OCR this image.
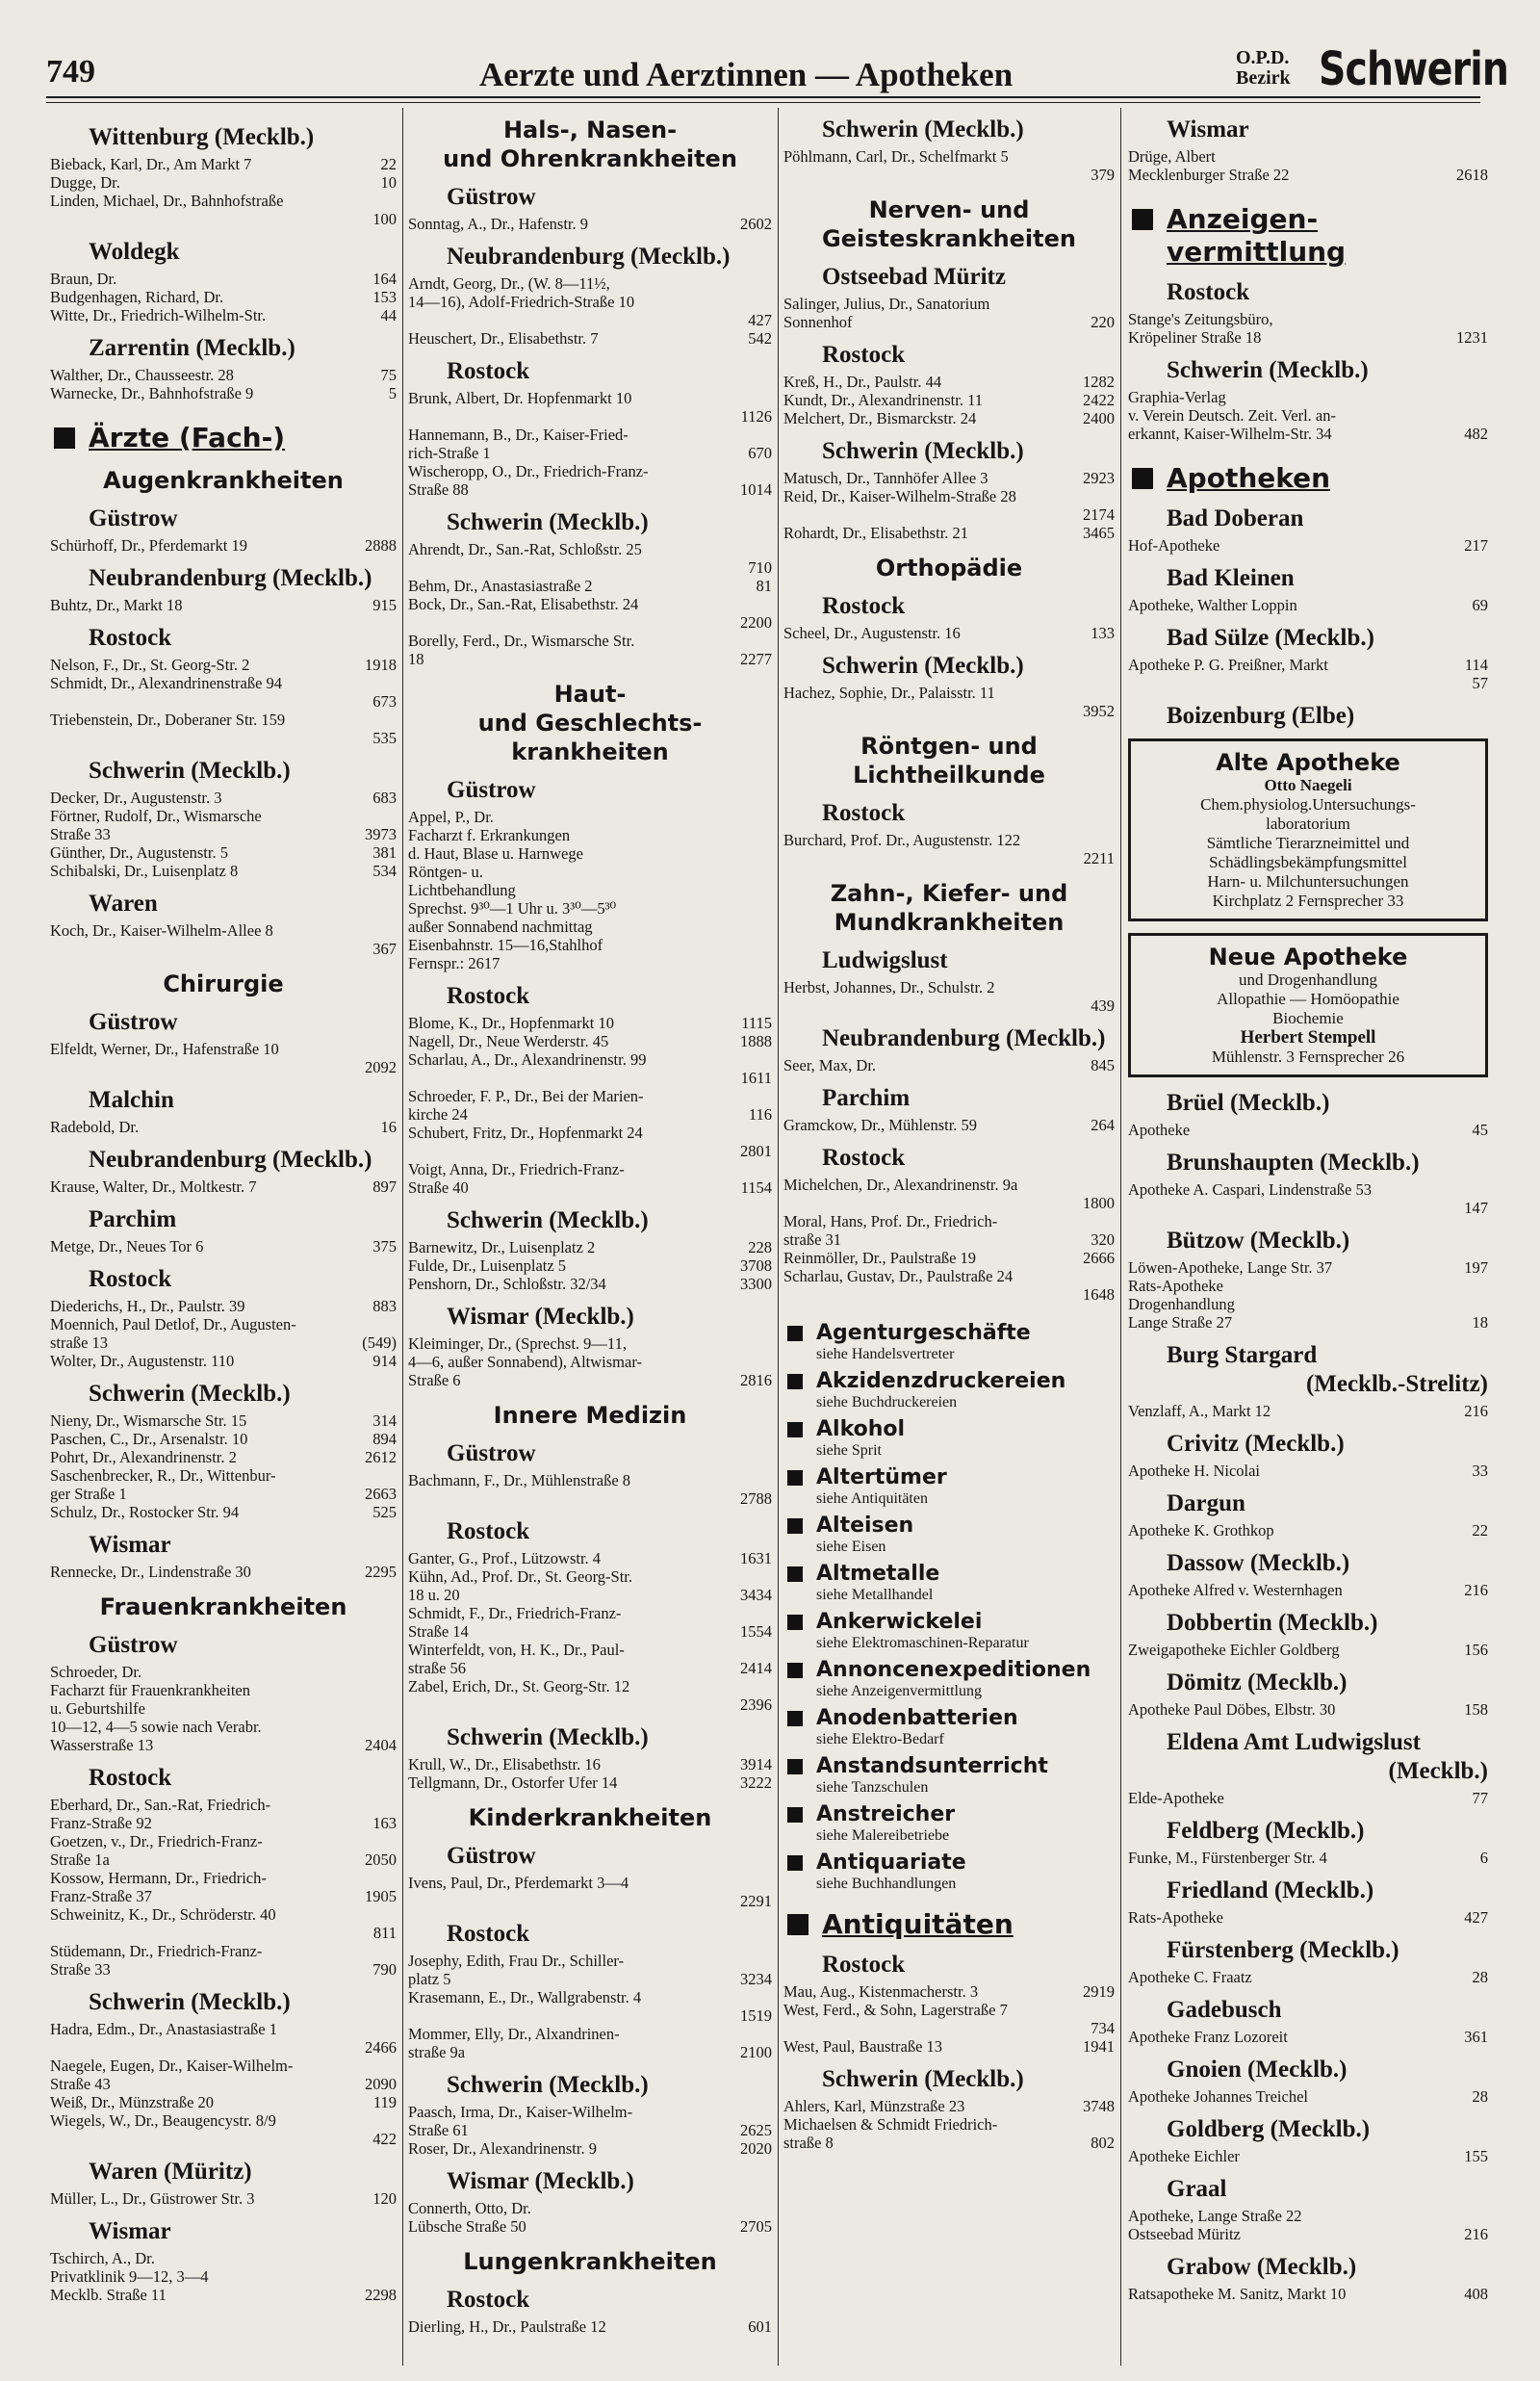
749	Aerzte und Aerztinnen — Apotheken	O.P.D.
Bezirk Schwerin
Wittenburg (Mecklb.)
Bieback, Karl, Dr., Am Markt 7	22
Dugge, Dr.	10
Linden, Michael, Dr., Bahnhofstraße
100
Woldegk
Braun, Dr.	164
Budgenhagen, Richard, Dr.	153
Witte, Dr., Friedrich-Wilhelm-Str.	44
Zarrentin (Mecklb.)
Walther, Dr., Chausseestr. 28	75
Warnecke, Dr., Bahnhofstraße 9	5
Ärzte (Fach-)
Augenkrankheiten
Güstrow
Schürhoff, Dr., Pferdemarkt 19	2888
Neubrandenburg (Mecklb.)
Buhtz, Dr., Markt 18	915
Rostock
Nelson, F., Dr., St. Georg-Str. 2	1918
Schmidt, Dr., Alexandrinenstraße 94
673
Triebenstein, Dr., Doberaner Str. 159
535
Schwerin (Mecklb.)
Decker, Dr., Augustenstr. 3	683
Förtner, Rudolf, Dr., Wismarsche
Straße 33	3973
Günther, Dr., Augustenstr. 5	381
Schibalski, Dr., Luisenplatz 8	534
Waren
Koch, Dr., Kaiser-Wilhelm-Allee 8
367
Chirurgie
Güstrow
Elfeldt, Werner, Dr., Hafenstraße 10
2092
Malchin
Radebold, Dr.	16
Neubrandenburg (Mecklb.)
Krause, Walter, Dr., Moltkestr. 7	897
Parchim
Metge, Dr., Neues Tor 6	375
Rostock
Diederichs, H., Dr., Paulstr. 39	883
Moennich, Paul Detlof, Dr., Augusten-
straße 13	(549)
Wolter, Dr., Augustenstr. 110	914
Schwerin (Mecklb.)
Nieny, Dr., Wismarsche Str. 15	314
Paschen, C., Dr., Arsenalstr. 10	894
Pohrt, Dr., Alexandrinenstr. 2	2612
Saschenbrecker, R., Dr., Wittenbur-
ger Straße 1	2663
Schulz, Dr., Rostocker Str. 94	525
Wismar
Rennecke, Dr., Lindenstraße 30	2295
Frauenkrankheiten
Güstrow
Schroeder, Dr.
Facharzt für Frauenkrankheiten
u. Geburtshilfe
10—12, 4—5 sowie nach Verabr.
Wasserstraße 13	2404
Rostock
Eberhard, Dr., San.-Rat, Friedrich-
Franz-Straße 92	163
Goetzen, v., Dr., Friedrich-Franz-
Straße 1a	2050
Kossow, Hermann, Dr., Friedrich-
Franz-Straße 37	1905
Schweinitz, K., Dr., Schröderstr. 40
811
Stüdemann, Dr., Friedrich-Franz-
Straße 33	790
Schwerin (Mecklb.)
Hadra, Edm., Dr., Anastasiastraße 1
2466
Naegele, Eugen, Dr., Kaiser-Wilhelm-
Straße 43	2090
Weiß, Dr., Münzstraße 20	119
Wiegels, W., Dr., Beaugencystr. 8/9
422
Waren (Müritz)
Müller, L., Dr., Güstrower Str. 3	120
Wismar
Tschirch, A., Dr.
Privatklinik 9—12, 3—4
Mecklb. Straße 11	2298
Hals-, Nasen-
und Ohrenkrankheiten
Güstrow
Sonntag, A., Dr., Hafenstr. 9	2602
Neubrandenburg (Mecklb.)
Arndt, Georg, Dr., (W. 8—11½,
14—16), Adolf-Friedrich-Straße 10
427
Heuschert, Dr., Elisabethstr. 7	542
Rostock
Brunk, Albert, Dr. Hopfenmarkt 10
1126
Hannemann, B., Dr., Kaiser-Fried-
rich-Straße 1	670
Wischeropp, O., Dr., Friedrich-Franz-
Straße 88	1014
Schwerin (Mecklb.)
Ahrendt, Dr., San.-Rat, Schloßstr. 25
710
Behm, Dr., Anastasiastraße 2	81
Bock, Dr., San.-Rat, Elisabethstr. 24
2200
Borelly, Ferd., Dr., Wismarsche Str.
18	2277
Haut-
und Geschlechts-
krankheiten
Güstrow
Appel, P., Dr.
Facharzt f. Erkrankungen
d. Haut, Blase u. Harnwege
Röntgen- u.
Lichtbehandlung
Sprechst. 9³⁰—1 Uhr u. 3³⁰—5³⁰
außer Sonnabend nachmittag
Eisenbahnstr. 15—16,Stahlhof
Fernspr.: 2617
Rostock
Blome, K., Dr., Hopfenmarkt 10	1115
Nagell, Dr., Neue Werderstr. 45	1888
Scharlau, A., Dr., Alexandrinenstr. 99
1611
Schroeder, F. P., Dr., Bei der Marien-
kirche 24	116
Schubert, Fritz, Dr., Hopfenmarkt 24
2801
Voigt, Anna, Dr., Friedrich-Franz-
Straße 40	1154
Schwerin (Mecklb.)
Barnewitz, Dr., Luisenplatz 2	228
Fulde, Dr., Luisenplatz 5	3708
Penshorn, Dr., Schloßstr. 32/34	3300
Wismar (Mecklb.)
Kleiminger, Dr., (Sprechst. 9—11,
4—6, außer Sonnabend), Altwismar-
Straße 6	2816
Innere Medizin
Güstrow
Bachmann, F., Dr., Mühlenstraße 8
2788
Rostock
Ganter, G., Prof., Lützowstr. 4	1631
Kühn, Ad., Prof. Dr., St. Georg-Str.
18 u. 20	3434
Schmidt, F., Dr., Friedrich-Franz-
Straße 14	1554
Winterfeldt, von, H. K., Dr., Paul-
straße 56	2414
Zabel, Erich, Dr., St. Georg-Str. 12
2396
Schwerin (Mecklb.)
Krull, W., Dr., Elisabethstr. 16	3914
Tellgmann, Dr., Ostorfer Ufer 14	3222
Kinderkrankheiten
Güstrow
Ivens, Paul, Dr., Pferdemarkt 3—4
2291
Rostock
Josephy, Edith, Frau Dr., Schiller-
platz 5	3234
Krasemann, E., Dr., Wallgrabenstr. 4
1519
Mommer, Elly, Dr., Alxandrinen-
straße 9a	2100
Schwerin (Mecklb.)
Paasch, Irma, Dr., Kaiser-Wilhelm-
Straße 61	2625
Roser, Dr., Alexandrinenstr. 9	2020
Wismar (Mecklb.)
Connerth, Otto, Dr.
Lübsche Straße 50	2705
Lungenkrankheiten
Rostock
Dierling, H., Dr., Paulstraße 12	601
Schwerin (Mecklb.)
Pöhlmann, Carl, Dr., Schelfmarkt 5
379
Nerven- und
Geisteskrankheiten
Ostseebad Müritz
Salinger, Julius, Dr., Sanatorium
Sonnenhof	220
Rostock
Kreß, H., Dr., Paulstr. 44	1282
Kundt, Dr., Alexandrinenstr. 11	2422
Melchert, Dr., Bismarckstr. 24	2400
Schwerin (Mecklb.)
Matusch, Dr., Tannhöfer Allee 3	2923
Reid, Dr., Kaiser-Wilhelm-Straße 28
2174
Rohardt, Dr., Elisabethstr. 21	3465
Orthopädie
Rostock
Scheel, Dr., Augustenstr. 16	133
Schwerin (Mecklb.)
Hachez, Sophie, Dr., Palaisstr. 11
3952
Röntgen- und
Lichtheilkunde
Rostock
Burchard, Prof. Dr., Augustenstr. 122
2211
Zahn-, Kiefer- und
Mundkrankheiten
Ludwigslust
Herbst, Johannes, Dr., Schulstr. 2
439
Neubrandenburg (Mecklb.)
Seer, Max, Dr.	845
Parchim
Gramckow, Dr., Mühlenstr. 59	264
Rostock
Michelchen, Dr., Alexandrinenstr. 9a
1800
Moral, Hans, Prof. Dr., Friedrich-
straße 31	320
Reinmöller, Dr., Paulstraße 19	2666
Scharlau, Gustav, Dr., Paulstraße 24
1648
Agenturgeschäfte
siehe Handelsvertreter
Akzidenzdruckereien
siehe Buchdruckereien
Alkohol
siehe Sprit
Altertümer
siehe Antiquitäten
Alteisen
siehe Eisen
Altmetalle
siehe Metallhandel
Ankerwickelei
siehe Elektromaschinen-Reparatur
Annoncenexpeditionen
siehe Anzeigenvermittlung
Anodenbatterien
siehe Elektro-Bedarf
Anstandsunterricht
siehe Tanzschulen
Anstreicher
siehe Malereibetriebe
Antiquariate
siehe Buchhandlungen
Antiquitäten
Rostock
Mau, Aug., Kistenmacherstr. 3	2919
West, Ferd., & Sohn, Lagerstraße 7
734
West, Paul, Baustraße 13	1941
Schwerin (Mecklb.)
Ahlers, Karl, Münzstraße 23	3748
Michaelsen & Schmidt Friedrich-
straße 8	802
Wismar
Drüge, Albert
Mecklenburger Straße 22	2618
Anzeigen-
vermittlung
Rostock
Stange's Zeitungsbüro,
Kröpeliner Straße 18	1231
Schwerin (Mecklb.)
Graphia-Verlag
v. Verein Deutsch. Zeit. Verl. an-
erkannt, Kaiser-Wilhelm-Str. 34	482
Apotheken
Bad Doberan
Hof-Apotheke	217
Bad Kleinen
Apotheke, Walther Loppin	69
Bad Sülze (Mecklb.)
Apotheke P. G. Preißner, Markt	114
57
Boizenburg (Elbe)
Alte Apotheke
Otto Naegeli
Chem.physiolog.Untersuchungs-
laboratorium
Sämtliche Tierarzneimittel und
Schädlingsbekämpfungsmittel
Harn- u. Milchuntersuchungen
Kirchplatz 2 Fernsprecher 33
Neue Apotheke
und Drogenhandlung
Allopathie — Homöopathie
Biochemie
Herbert Stempell
Mühlenstr. 3 Fernsprecher 26
Brüel (Mecklb.)
Apotheke	45
Brunshaupten (Mecklb.)
Apotheke A. Caspari, Lindenstraße 53
147
Bützow (Mecklb.)
Löwen-Apotheke, Lange Str. 37	197
Rats-Apotheke
Drogenhandlung
Lange Straße 27	18
Burg Stargard
(Mecklb.-Strelitz)
Venzlaff, A., Markt 12	216
Crivitz (Mecklb.)
Apotheke H. Nicolai	33
Dargun
Apotheke K. Grothkop	22
Dassow (Mecklb.)
Apotheke Alfred v. Westernhagen	216
Dobbertin (Mecklb.)
Zweigapotheke Eichler Goldberg	156
Dömitz (Mecklb.)
Apotheke Paul Döbes, Elbstr. 30	158
Eldena Amt Ludwigslust
(Mecklb.)
Elde-Apotheke	77
Feldberg (Mecklb.)
Funke, M., Fürstenberger Str. 4	6
Friedland (Mecklb.)
Rats-Apotheke	427
Fürstenberg (Mecklb.)
Apotheke C. Fraatz	28
Gadebusch
Apotheke Franz Lozoreit	361
Gnoien (Mecklb.)
Apotheke Johannes Treichel	28
Goldberg (Mecklb.)
Apotheke Eichler	155
Graal
Apotheke, Lange Straße 22
Ostseebad Müritz	216
Grabow (Mecklb.)
Ratsapotheke M. Sanitz, Markt 10	408
